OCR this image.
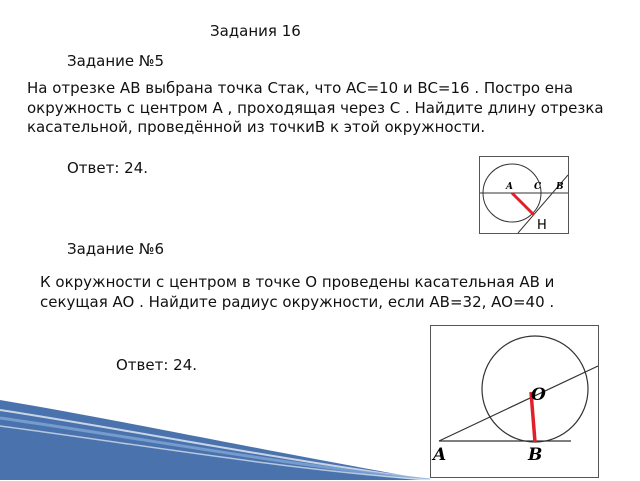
Задания 16
Задание №5
На отрезке AB выбрана точка Cтак, что AC=10 и BC=16 . Постро ена окружность с центром A , проходящая через C . Найдите длину отрезка касательной, проведённой из точкиB к этой окружности.
Ответ: 24.
A C B
H
Задание №6
К окружности с центром в точке O проведены касательная AB и секущая AO . Найдите радиус окружности, если AB=32, AO=40 .
Ответ: 24.
O
A	B
